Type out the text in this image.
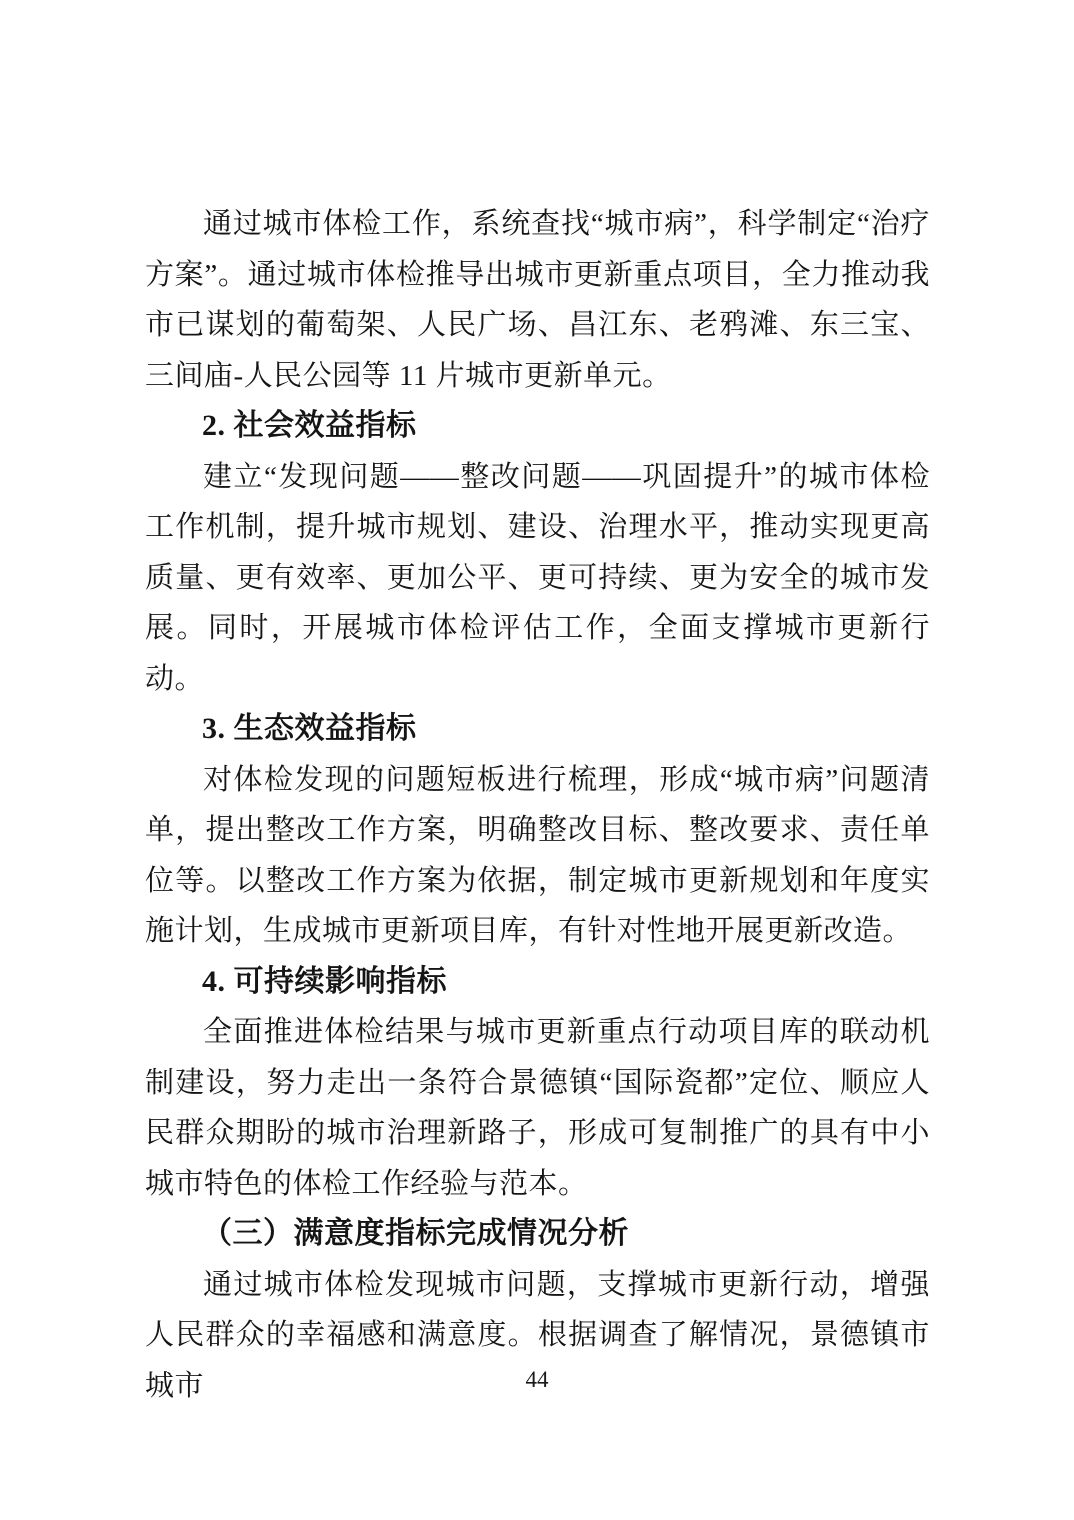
通过城市体检工作，系统查找“城市病”，科学制定“治疗方案”。通过城市体检推导出城市更新重点项目，全力推动我市已谋划的葡萄架、人民广场、昌江东、老鸦滩、东三宝、三间庙-人民公园等 11 片城市更新单元。

2. 社会效益指标

建立“发现问题——整改问题——巩固提升”的城市体检工作机制，提升城市规划、建设、治理水平，推动实现更高质量、更有效率、更加公平、更可持续、更为安全的城市发展。同时，开展城市体检评估工作，全面支撑城市更新行动。

3. 生态效益指标

对体检发现的问题短板进行梳理，形成“城市病”问题清单，提出整改工作方案，明确整改目标、整改要求、责任单位等。以整改工作方案为依据，制定城市更新规划和年度实施计划，生成城市更新项目库，有针对性地开展更新改造。

4. 可持续影响指标

全面推进体检结果与城市更新重点行动项目库的联动机制建设，努力走出一条符合景德镇“国际瓷都”定位、顺应人民群众期盼的城市治理新路子，形成可复制推广的具有中小城市特色的体检工作经验与范本。

（三）满意度指标完成情况分析

通过城市体检发现城市问题，支撑城市更新行动，增强人民群众的幸福感和满意度。根据调查了解情况，景德镇市城市	44
